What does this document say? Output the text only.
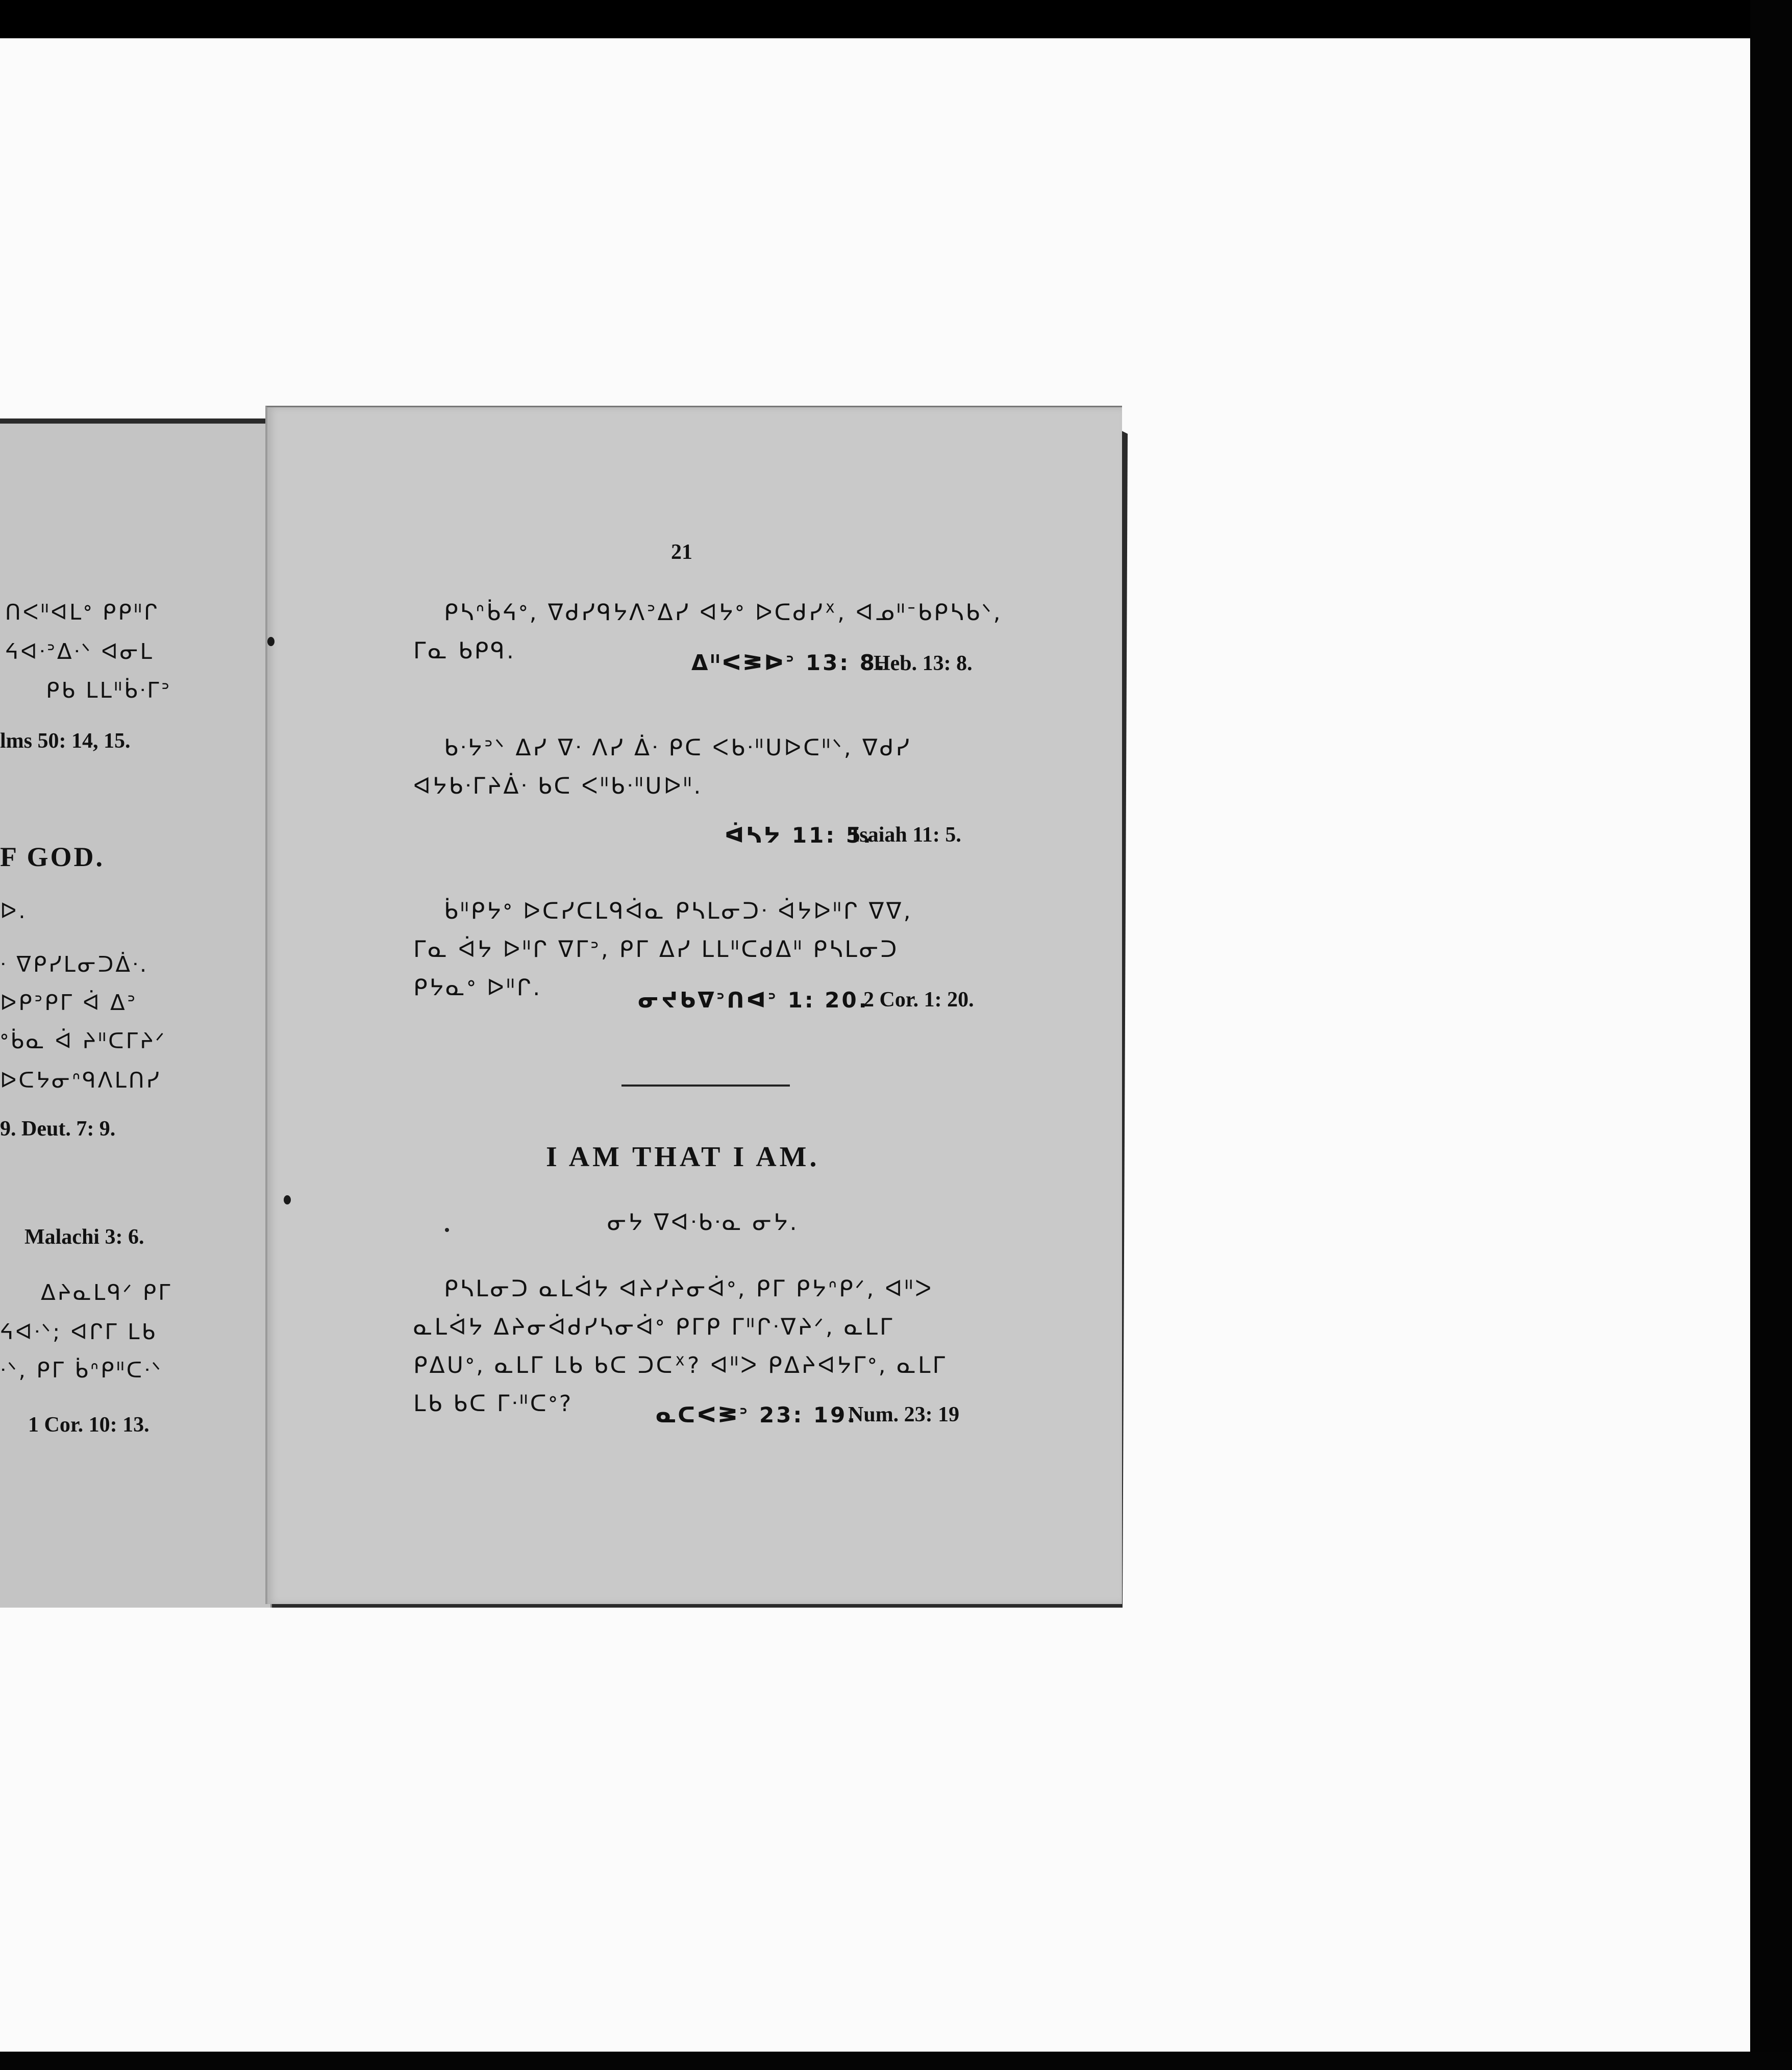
ᑎᐸᐦᐊᒪᐤ ᑭᑭᐦᒋ
ᔦᐊᐧᐣᐃᐧᐠ ᐊᓂᒪ
ᑭᑲ ᒪᒪᐦᑳᐧᒥᐣ
lms 50: 14, 15.
F GOD.
ᐅ.
ᐧ ᐁᑭᓯᒪᓂᑐᐄᐧ.
ᐅᑭᐣᑭᒥ ᐋ ᐃᐣ
ᐤᑳᓇ ᐋ ᔨᐦᑕᒥᔨᐟ
ᐅᑕᔭᓂᐢᑫᐱᒪᑎᓯ
9. Deut. 7: 9.
Malachi 3: 6.
ᐃᔨᓇᒪᑫᐟ ᑭᒥ
ᔦᐊᐧᐠ; ᐊᒋᒥ ᒪᑲ
ᐧᐠ, ᑭᒥ ᑳᐢᑭᐦᑕᐧᐠ
1 Cor. 10: 13.
21
ᑭᓴᐢᑳᔦᐤ, ᐁᑯᓯᑫᔭᐱᐣᐃᓯ ᐊᔭᐤ ᐅᑕᑯᓯᕽ, ᐊᓄᐦᐨᑲᑭᓴᑲᐠ,
ᒥᓇ ᑲᑭᑫ.	ᐃᐦᐸᕒᐅᐣ 13: 8.
Heb. 13: 8.
ᑲᐧᔭᐣᐠ ᐃᓯ ᐁᐧ ᐱᓯ ᐄᐧ ᑭᑕ ᐸᑲᐧᐦᑌᐅᑕᐦᐠ, ᐁᑯᓯ
ᐊᔭᑲᐧᒥᔨᐄᐧ ᑲᑕ ᐸᐦᑲᐧᐦᑌᐅᐦ.
ᐋᓴᔭ 11: 5.
Isaiah 11: 5.
ᑳᐦᑭᔭᐤ ᐅᑕᓯᑕᒪᑫᐋᓇ ᑭᓴᒪᓂᑐᐧ ᐋᔭᐅᐦᒋ ᐁᐁ,
ᒥᓇ ᐋᔭ ᐅᐦᒋ ᐁᒥᐣ, ᑭᒥ ᐃᓯ ᒪᒪᐦᑕᑯᐃᐦ ᑭᓴᒪᓂᑐ
ᑭᔭᓇᐤ ᐅᐦᒋ.	ᓂᔪᑲᐁᐣᑎᐊᐣ 1: 20.
2 Cor. 1: 20.
I AM THAT I AM.
ᓂᔭ ᐁᐊᐧᑲᐧᓇ ᓂᔭ.
ᑭᓴᒪᓂᑐ ᓇᒪᐋᔭ ᐊᔨᓯᔨᓂᐋᐤ, ᑭᒥ ᑭᔭᐢᑭᐟ, ᐊᐦᐳ
ᓇᒪᐋᔭ ᐃᔨᓂᐋᑯᓯᓴᓂᐋᐤ ᑭᒥᑭ ᒥᐦᒋᐧᐁᔨᐟ, ᓇᒪᒥ
ᑭᐃᑌᐤ, ᓇᒪᒥ ᒪᑲ ᑲᑕ ᑐᑕᕽ? ᐊᐦᐳ ᑭᐃᔨᐊᔭᒥᐤ, ᓇᒪᒥ
ᒪᑲ ᑲᑕ ᒥᐧᐦᑕᐤ?	ᓇᑕᐸᕒᐣ 23: 19.
Num. 23: 19
